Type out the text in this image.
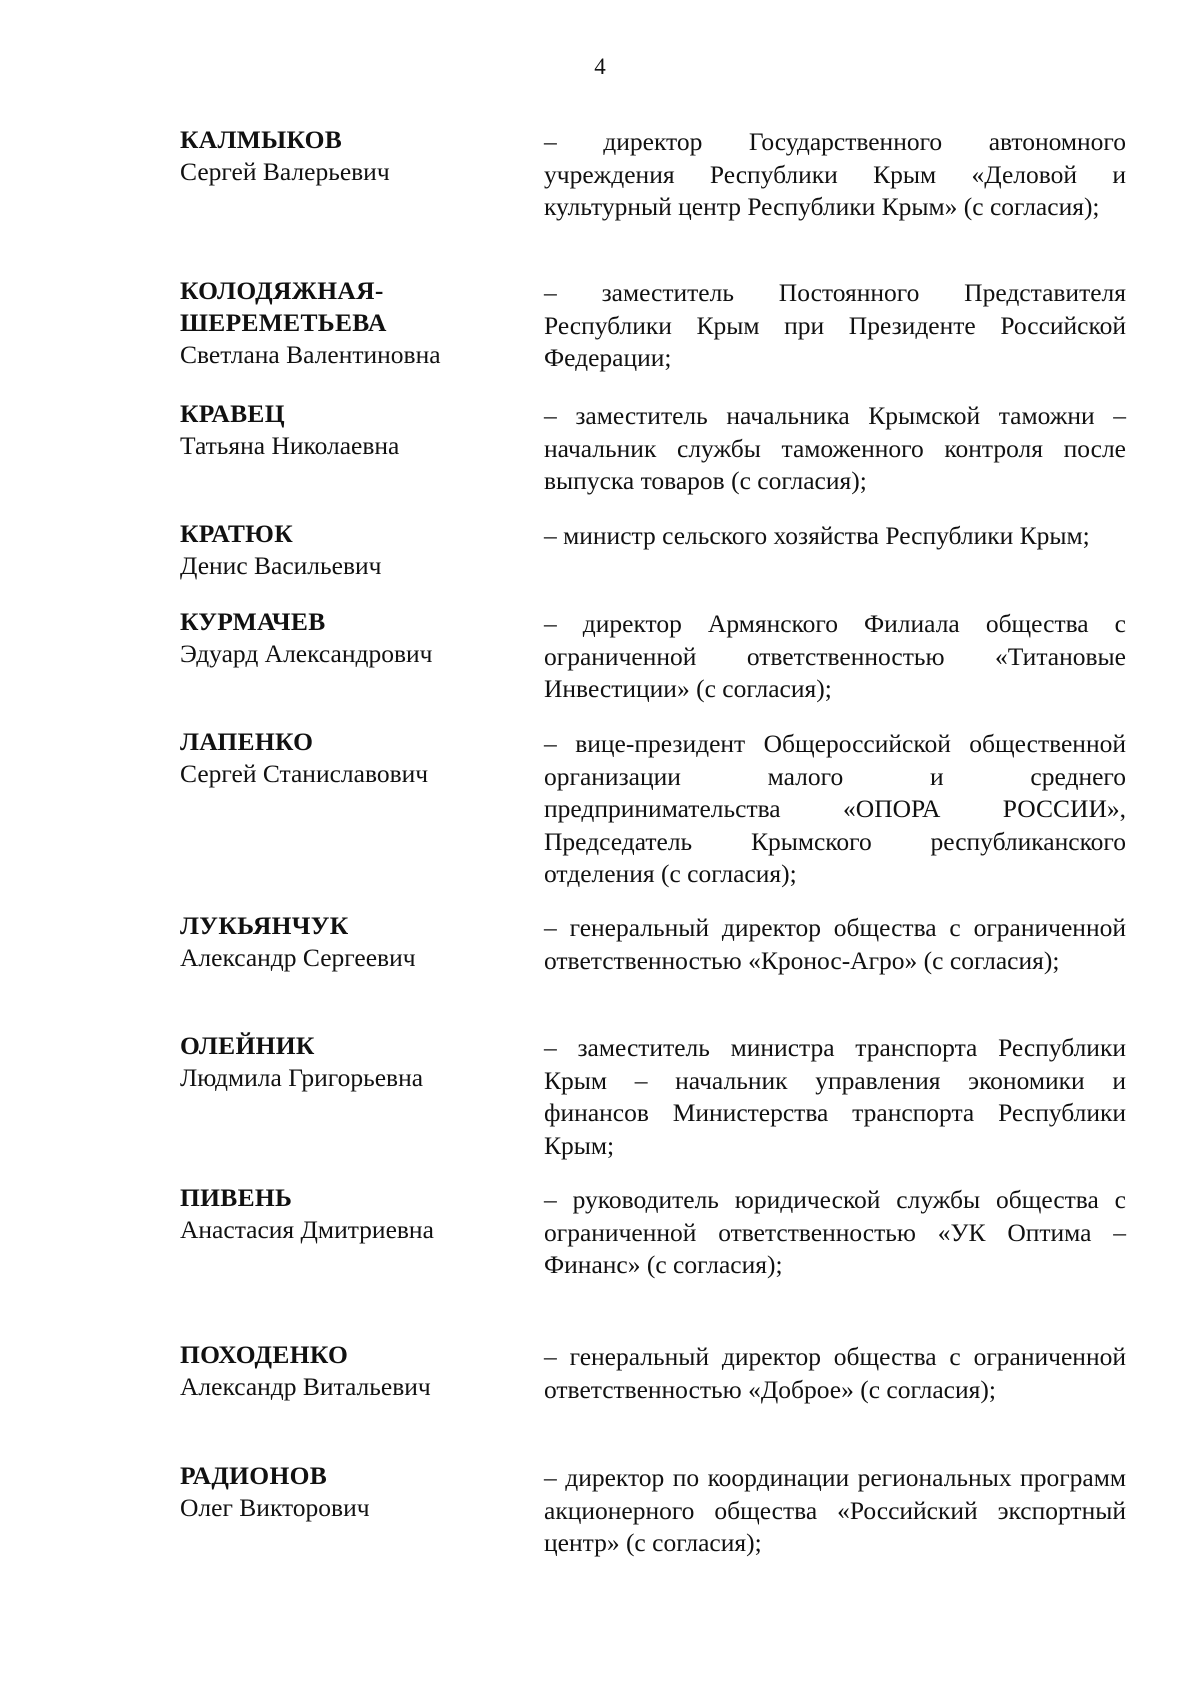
4
КАЛМЫКОВ
Сергей Валерьевич
– директор Государственного автономного учреждения Республики Крым «Деловой и культурный центр Республики Крым» (с согласия);
КОЛОДЯЖНАЯ-ШЕРЕМЕТЬЕВА
Светлана Валентиновна
– заместитель Постоянного Представителя Республики Крым при Президенте Российской Федерации;
КРАВЕЦ
Татьяна Николаевна
– заместитель начальника Крымской таможни – начальник службы таможенного контроля после выпуска товаров (с согласия);
КРАТЮК
Денис Васильевич
– министр сельского хозяйства Республики Крым;
КУРМАЧЕВ
Эдуард Александрович
– директор Армянского Филиала общества с ограниченной ответственностью «Титановые Инвестиции» (с согласия);
ЛАПЕНКО
Сергей Станиславович
– вице-президент Общероссийской общественной организации малого и среднего предпринимательства «ОПОРА РОССИИ», Председатель Крымского республиканского отделения (с согласия);
ЛУКЬЯНЧУК
Александр Сергеевич
– генеральный директор общества с ограниченной ответственностью «Кронос-Агро» (с согласия);
ОЛЕЙНИК
Людмила Григорьевна
– заместитель министра транспорта Республики Крым – начальник управления экономики и финансов Министерства транспорта Республики Крым;
ПИВЕНЬ
Анастасия Дмитриевна
– руководитель юридической службы общества с ограниченной ответственностью «УК Оптима – Финанс» (с согласия);
ПОХОДЕНКО
Александр Витальевич
– генеральный директор общества с ограниченной ответственностью «Доброе» (с согласия);
РАДИОНОВ
Олег Викторович
– директор по координации региональных программ акционерного общества «Российский экспортный центр» (с согласия);
